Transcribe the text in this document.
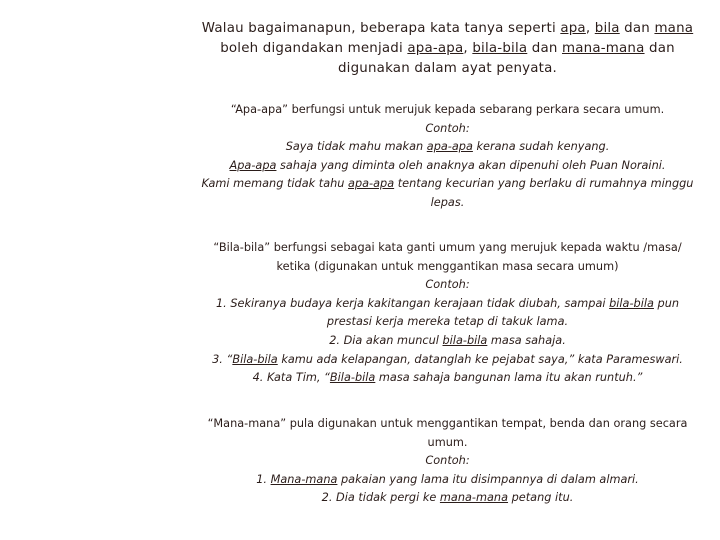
Walau bagaimanapun, beberapa kata tanya seperti apa, bila dan mana boleh digandakan menjadi apa-apa, bila-bila dan mana-mana dan digunakan dalam ayat penyata.

“Apa-apa” berfungsi untuk merujuk kepada sebarang perkara secara umum.

Contoh:

Saya tidak mahu makan apa-apa kerana sudah kenyang.

Apa-apa sahaja yang diminta oleh anaknya akan dipenuhi oleh Puan Noraini.

Kami memang tidak tahu apa-apa tentang kecurian yang berlaku di rumahnya minggu lepas.

“Bila-bila” berfungsi sebagai kata ganti umum yang merujuk kepada waktu /masa/ ketika (digunakan untuk menggantikan masa secara umum)

Contoh:

1. Sekiranya budaya kerja kakitangan kerajaan tidak diubah, sampai bila-bila pun prestasi kerja mereka tetap di takuk lama.

2. Dia akan muncul bila-bila masa sahaja.

3. “Bila-bila kamu ada kelapangan, datanglah ke pejabat saya,” kata Parameswari.

4. Kata Tim, “Bila-bila masa sahaja bangunan lama itu akan runtuh.”

“Mana-mana” pula digunakan untuk menggantikan tempat, benda dan orang secara umum.

Contoh:

1. Mana-mana pakaian yang lama itu disimpannya di dalam almari.

2. Dia tidak pergi ke mana-mana petang itu.
